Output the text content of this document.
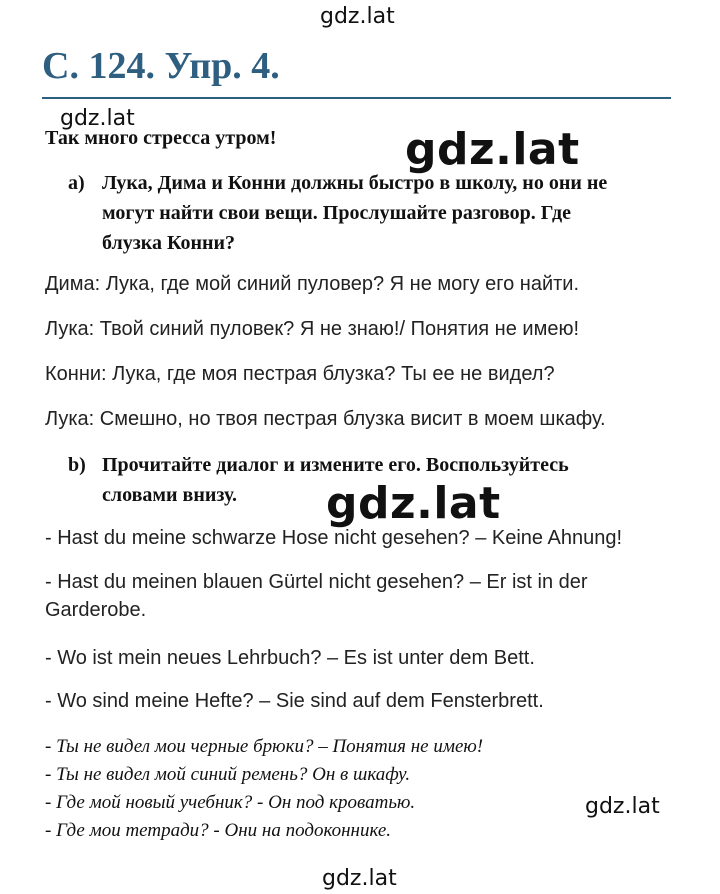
gdz.lat
gdz.lat
gdz.lat
gdz.lat
gdz.lat
gdz.lat
С. 124. Упр. 4.
Так много стресса утром!
a) Лука, Дима и Конни должны быстро в школу, но они не
могут найти свои вещи. Прослушайте разговор. Где
блузка Конни?
Дима: Лука, где мой синий пуловер? Я не могу его найти.
Лука: Твой синий пуловек? Я не знаю!/ Понятия не имею!
Конни: Лука, где моя пестрая блузка? Ты ее не видел?
Лука: Смешно, но твоя пестрая блузка висит в моем шкафу.
b) Прочитайте диалог и измените его. Воспользуйтесь
словами внизу.
- Hast du meine schwarze Hose nicht gesehen? – Keine Ahnung!
- Hast du meinen blauen Gürtel nicht gesehen? – Er ist in der
Garderobe.
- Wo ist mein neues Lehrbuch? – Es ist unter dem Bett.
- Wo sind meine Hefte? – Sie sind auf dem Fensterbrett.
- Ты не видел мои черные брюки? – Понятия не имею!
- Ты не видел мой синий ремень? Он в шкафу.
- Где мой новый учебник? - Он под кроватью.
- Где мои тетради? - Они на подоконнике.
